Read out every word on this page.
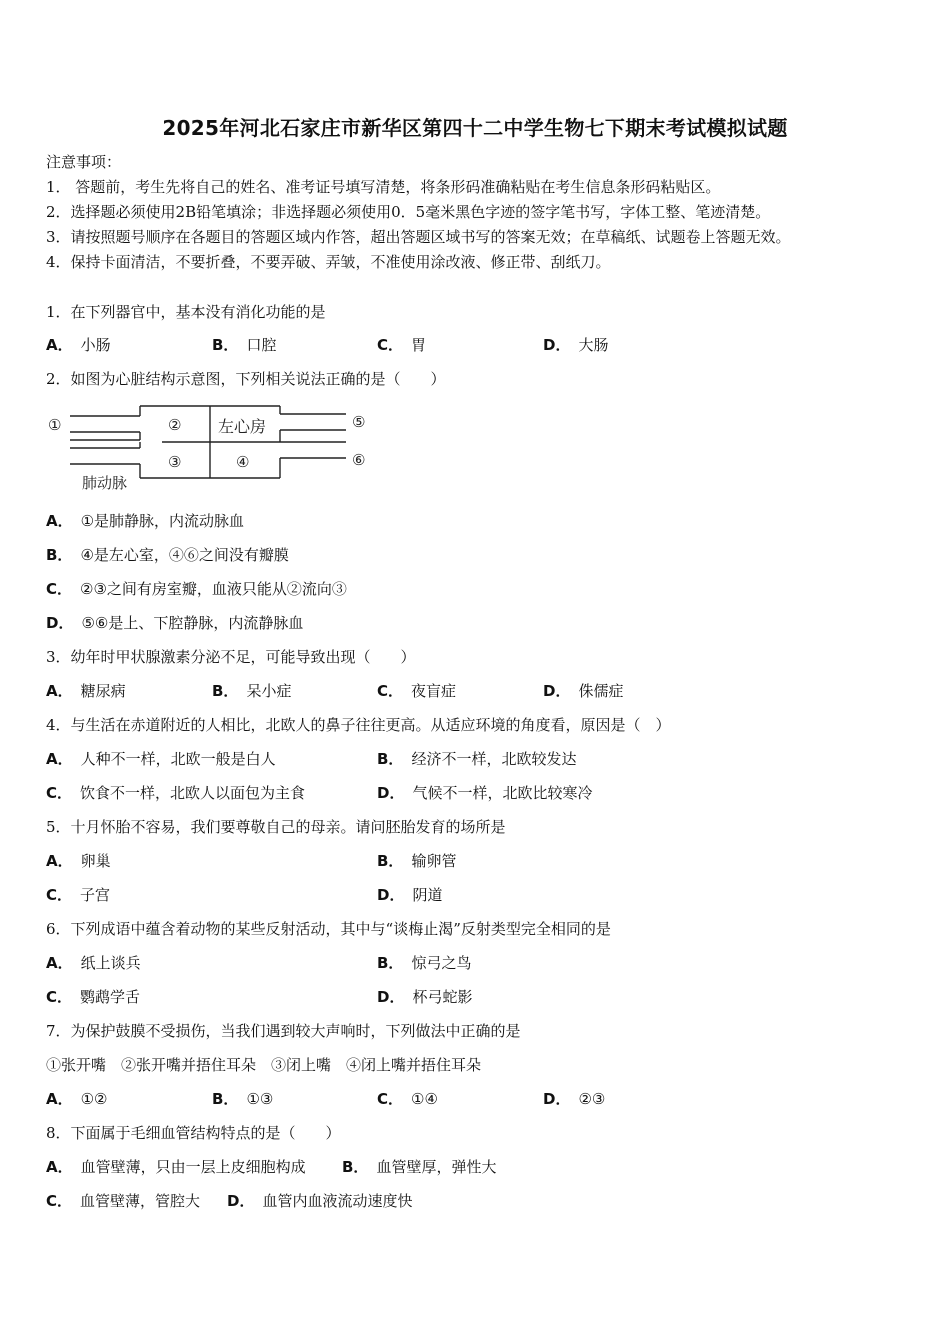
2025年河北石家庄市新华区第四十二中学生物七下期末考试模拟试题
注意事项：
1． 答题前，考生先将自己的姓名、准考证号填写清楚，将条形码准确粘贴在考生信息条形码粘贴区。
2．选择题必须使用2B铅笔填涂；非选择题必须使用0．5毫米黑色字迹的签字笔书写，字体工整、笔迹清楚。
3．请按照题号顺序在各题目的答题区域内作答，超出答题区域书写的答案无效；在草稿纸、试题卷上答题无效。
4．保持卡面清洁，不要折叠，不要弄破、弄皱，不准使用涂改液、修正带、刮纸刀。
1．在下列器官中，基本没有消化功能的是
A． 小肠	B． 口腔	C． 胃	D． 大肠
2．如图为心脏结构示意图，下列相关说法正确的是（　　）
①	②
③	④
⑤
⑥
左心房
肺动脉
A． ①是肺静脉，内流动脉血
B． ④是左心室，④⑥之间没有瓣膜
C． ②③之间有房室瓣，血液只能从②流向③
D． ⑤⑥是上、下腔静脉，内流静脉血
3．幼年时甲状腺激素分泌不足，可能导致出现（　　）
A． 糖尿病	B． 呆小症	C． 夜盲症	D． 侏儒症
4．与生活在赤道附近的人相比，北欧人的鼻子往往更高。从适应环境的角度看，原因是（　）
A． 人种不一样，北欧一般是白人	B． 经济不一样，北欧较发达
C． 饮食不一样，北欧人以面包为主食	D． 气候不一样，北欧比较寒冷
5．十月怀胎不容易，我们要尊敬自己的母亲。请问胚胎发育的场所是
A． 卵巢	B． 输卵管
C． 子宫	D． 阴道
6．下列成语中蕴含着动物的某些反射活动，其中与“谈梅止渴”反射类型完全相同的是
A． 纸上谈兵	B． 惊弓之鸟
C． 鹦鹉学舌	D． 杯弓蛇影
7．为保护鼓膜不受损伤，当我们遇到较大声响时，下列做法中正确的是
①张开嘴　②张开嘴并捂住耳朵　③闭上嘴　④闭上嘴并捂住耳朵
A． ①②	B． ①③	C． ①④	D． ②③
8．下面属于毛细血管结构特点的是（　　）
A． 血管壁薄，只由一层上皮细胞构成 B． 血管壁厚，弹性大
C． 血管壁薄，管腔大 D． 血管内血液流动速度快
